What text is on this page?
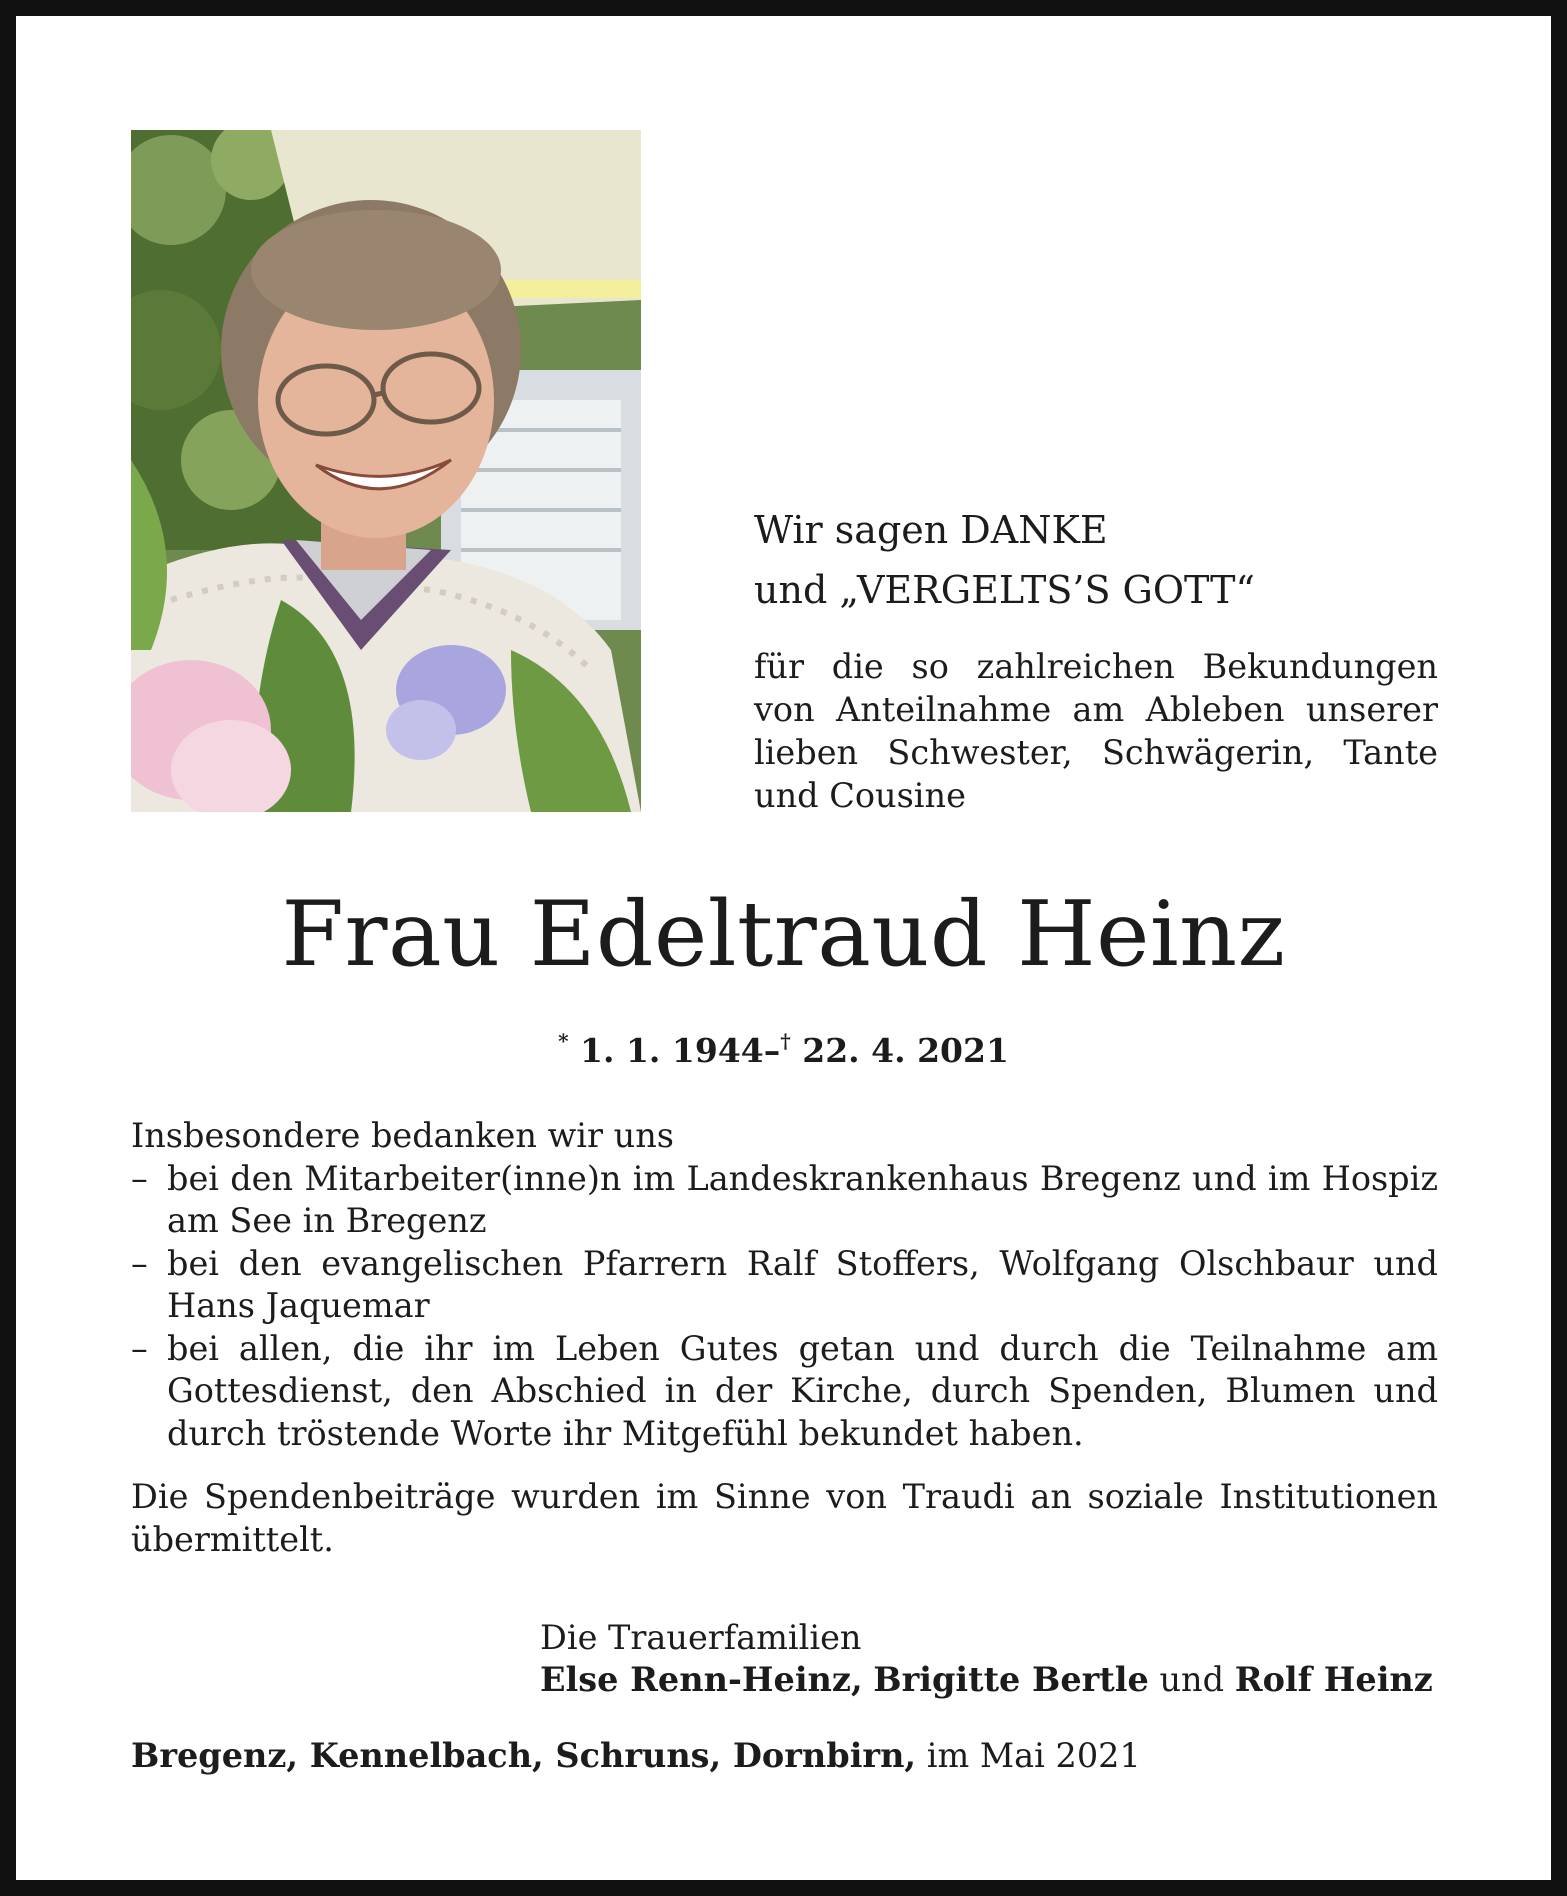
Wir sagen DANKE
und „VERGELTS’S GOTT“
für die so zahlreichen Bekundungen von Anteilnahme am Ableben unserer lieben Schwester, Schwägerin, Tante und Cousine
Frau Edeltraud Heinz
* 1. 1. 1944–† 22. 4. 2021

Insbesondere bedanken wir uns

– bei den Mitarbeiter(inne)n im Landeskrankenhaus Bregenz und im Hospiz am See in Bregenz
– bei den evangelischen Pfarrern Ralf Stoffers, Wolfgang Olschbaur und Hans Jaquemar
– bei allen, die ihr im Leben Gutes getan und durch die Teilnahme am Gottesdienst, den Abschied in der Kirche, durch Spenden, Blumen und durch tröstende Worte ihr Mitgefühl bekundet haben.

Die Spendenbeiträge wurden im Sinne von Traudi an soziale Institutionen übermittelt.

Die Trauerfamilien
Else Renn-Heinz, Brigitte Bertle und Rolf Heinz
Bregenz, Kennelbach, Schruns, Dornbirn, im Mai 2021
